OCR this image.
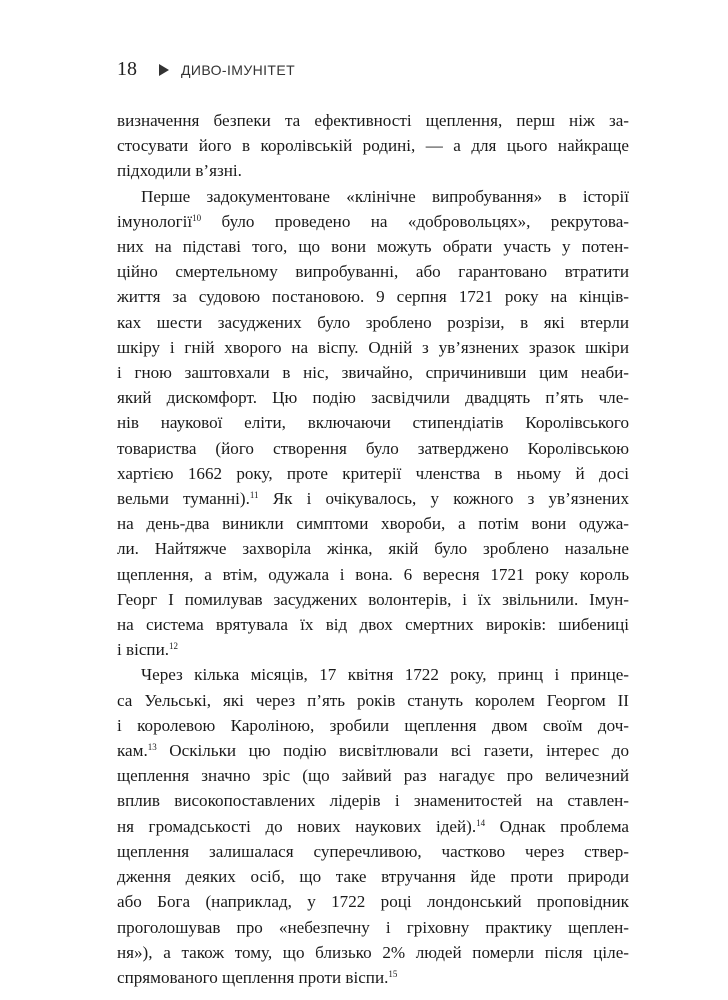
18	ДИВО-ІМУНІТЕТ
визначення безпеки та ефективності щеплення, перш ніж за-
стосувати його в королівській родині, — а для цього найкраще
підходили в’язні.
Перше задокументоване «клінічне випробування» в історії
імунології$^{10}$ було проведено на «добровольцях», рекрутова-
них на підставі того, що вони можуть обрати участь у потен-
ційно смертельному випробуванні, або гарантовано втратити
життя за судовою постановою. 9 серпня 1721 року на кінців-
ках шести засуджених було зроблено розрізи, в які втерли
шкіру і гній хворого на віспу. Одній з ув’язнених зразок шкіри
і гною заштовхали в ніс, звичайно, спричинивши цим неаби-
який дискомфорт. Цю подію засвідчили двадцять п’ять чле-
нів наукової еліти, включаючи стипендіатів Королівського
товариства (його створення було затверджено Королівською
хартією 1662 року, проте критерії членства в ньому й досі
вельми туманні).$^{11}$ Як і очікувалось, у кожного з ув’язнених
на день-два виникли симптоми хвороби, а потім вони одужа-
ли. Найтяжче захворіла жінка, якій було зроблено назальне
щеплення, а втім, одужала і вона. 6 вересня 1721 року король
Георг I помилував засуджених волонтерів, і їх звільнили. Імун-
на система врятувала їх від двох смертних вироків: шибениці
і віспи.$^{12}$
Через кілька місяців, 17 квітня 1722 року, принц і принце-
са Уельські, які через п’ять років стануть королем Георгом II
і королевою Кароліною, зробили щеплення двом своїм доч-
кам.$^{13}$ Оскільки цю подію висвітлювали всі газети, інтерес до
щеплення значно зріс (що зайвий раз нагадує про величезний
вплив високопоставлених лідерів і знаменитостей на ставлен-
ня громадськості до нових наукових ідей).$^{14}$ Однак проблема
щеплення залишалася суперечливою, частково через ствер-
дження деяких осіб, що таке втручання йде проти природи
або Бога (наприклад, у 1722 році лондонський проповідник
проголошував про «небезпечну і гріховну практику щеплен-
ня»), а також тому, що близько 2% людей померли після ціле-
спрямованого щеплення проти віспи.$^{15}$
